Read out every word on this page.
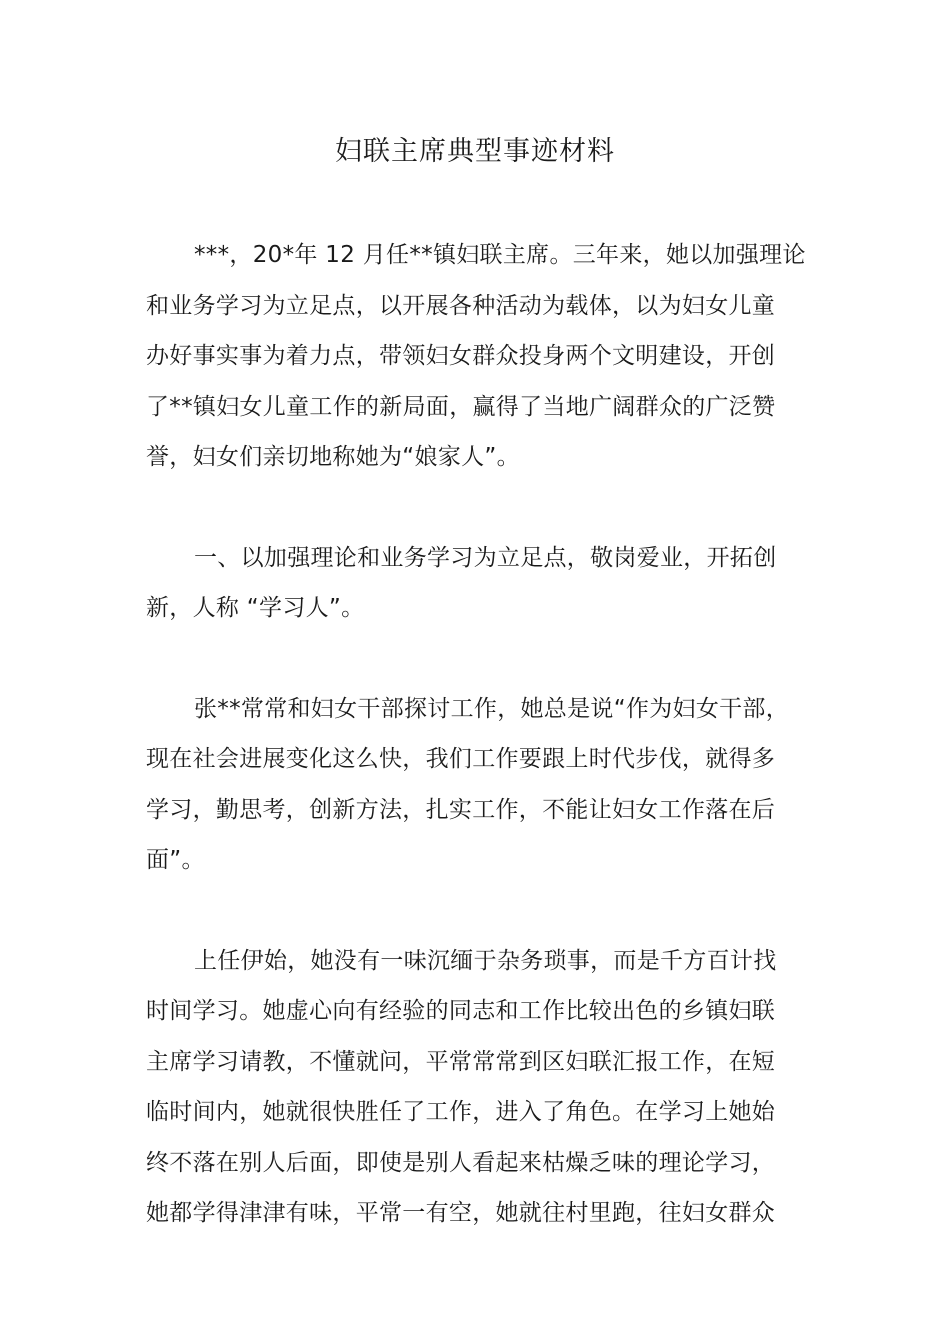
妇联主席典型事迹材料

***，20*年 12 月任**镇妇联主席。三年来，她以加强理论
和业务学习为立足点，以开展各种活动为载体，以为妇女儿童
办好事实事为着力点，带领妇女群众投身两个文明建设，开创
了**镇妇女儿童工作的新局面，赢得了当地广阔群众的广泛赞
誉，妇女们亲切地称她为“娘家人”。

一、以加强理论和业务学习为立足点，敬岗爱业，开拓创
新，人称 “学习人”。

张**常常和妇女干部探讨工作，她总是说“作为妇女干部，
现在社会进展变化这么快，我们工作要跟上时代步伐，就得多
学习，勤思考，创新方法，扎实工作，不能让妇女工作落在后
面”。

上任伊始，她没有一味沉缅于杂务琐事，而是千方百计找
时间学习。她虚心向有经验的同志和工作比较出色的乡镇妇联
主席学习请教，不懂就问，平常常常到区妇联汇报工作，在短
临时间内，她就很快胜任了工作，进入了角色。在学习上她始
终不落在别人后面，即使是别人看起来枯燥乏味的理论学习，
她都学得津津有味，平常一有空，她就往村里跑，往妇女群众
